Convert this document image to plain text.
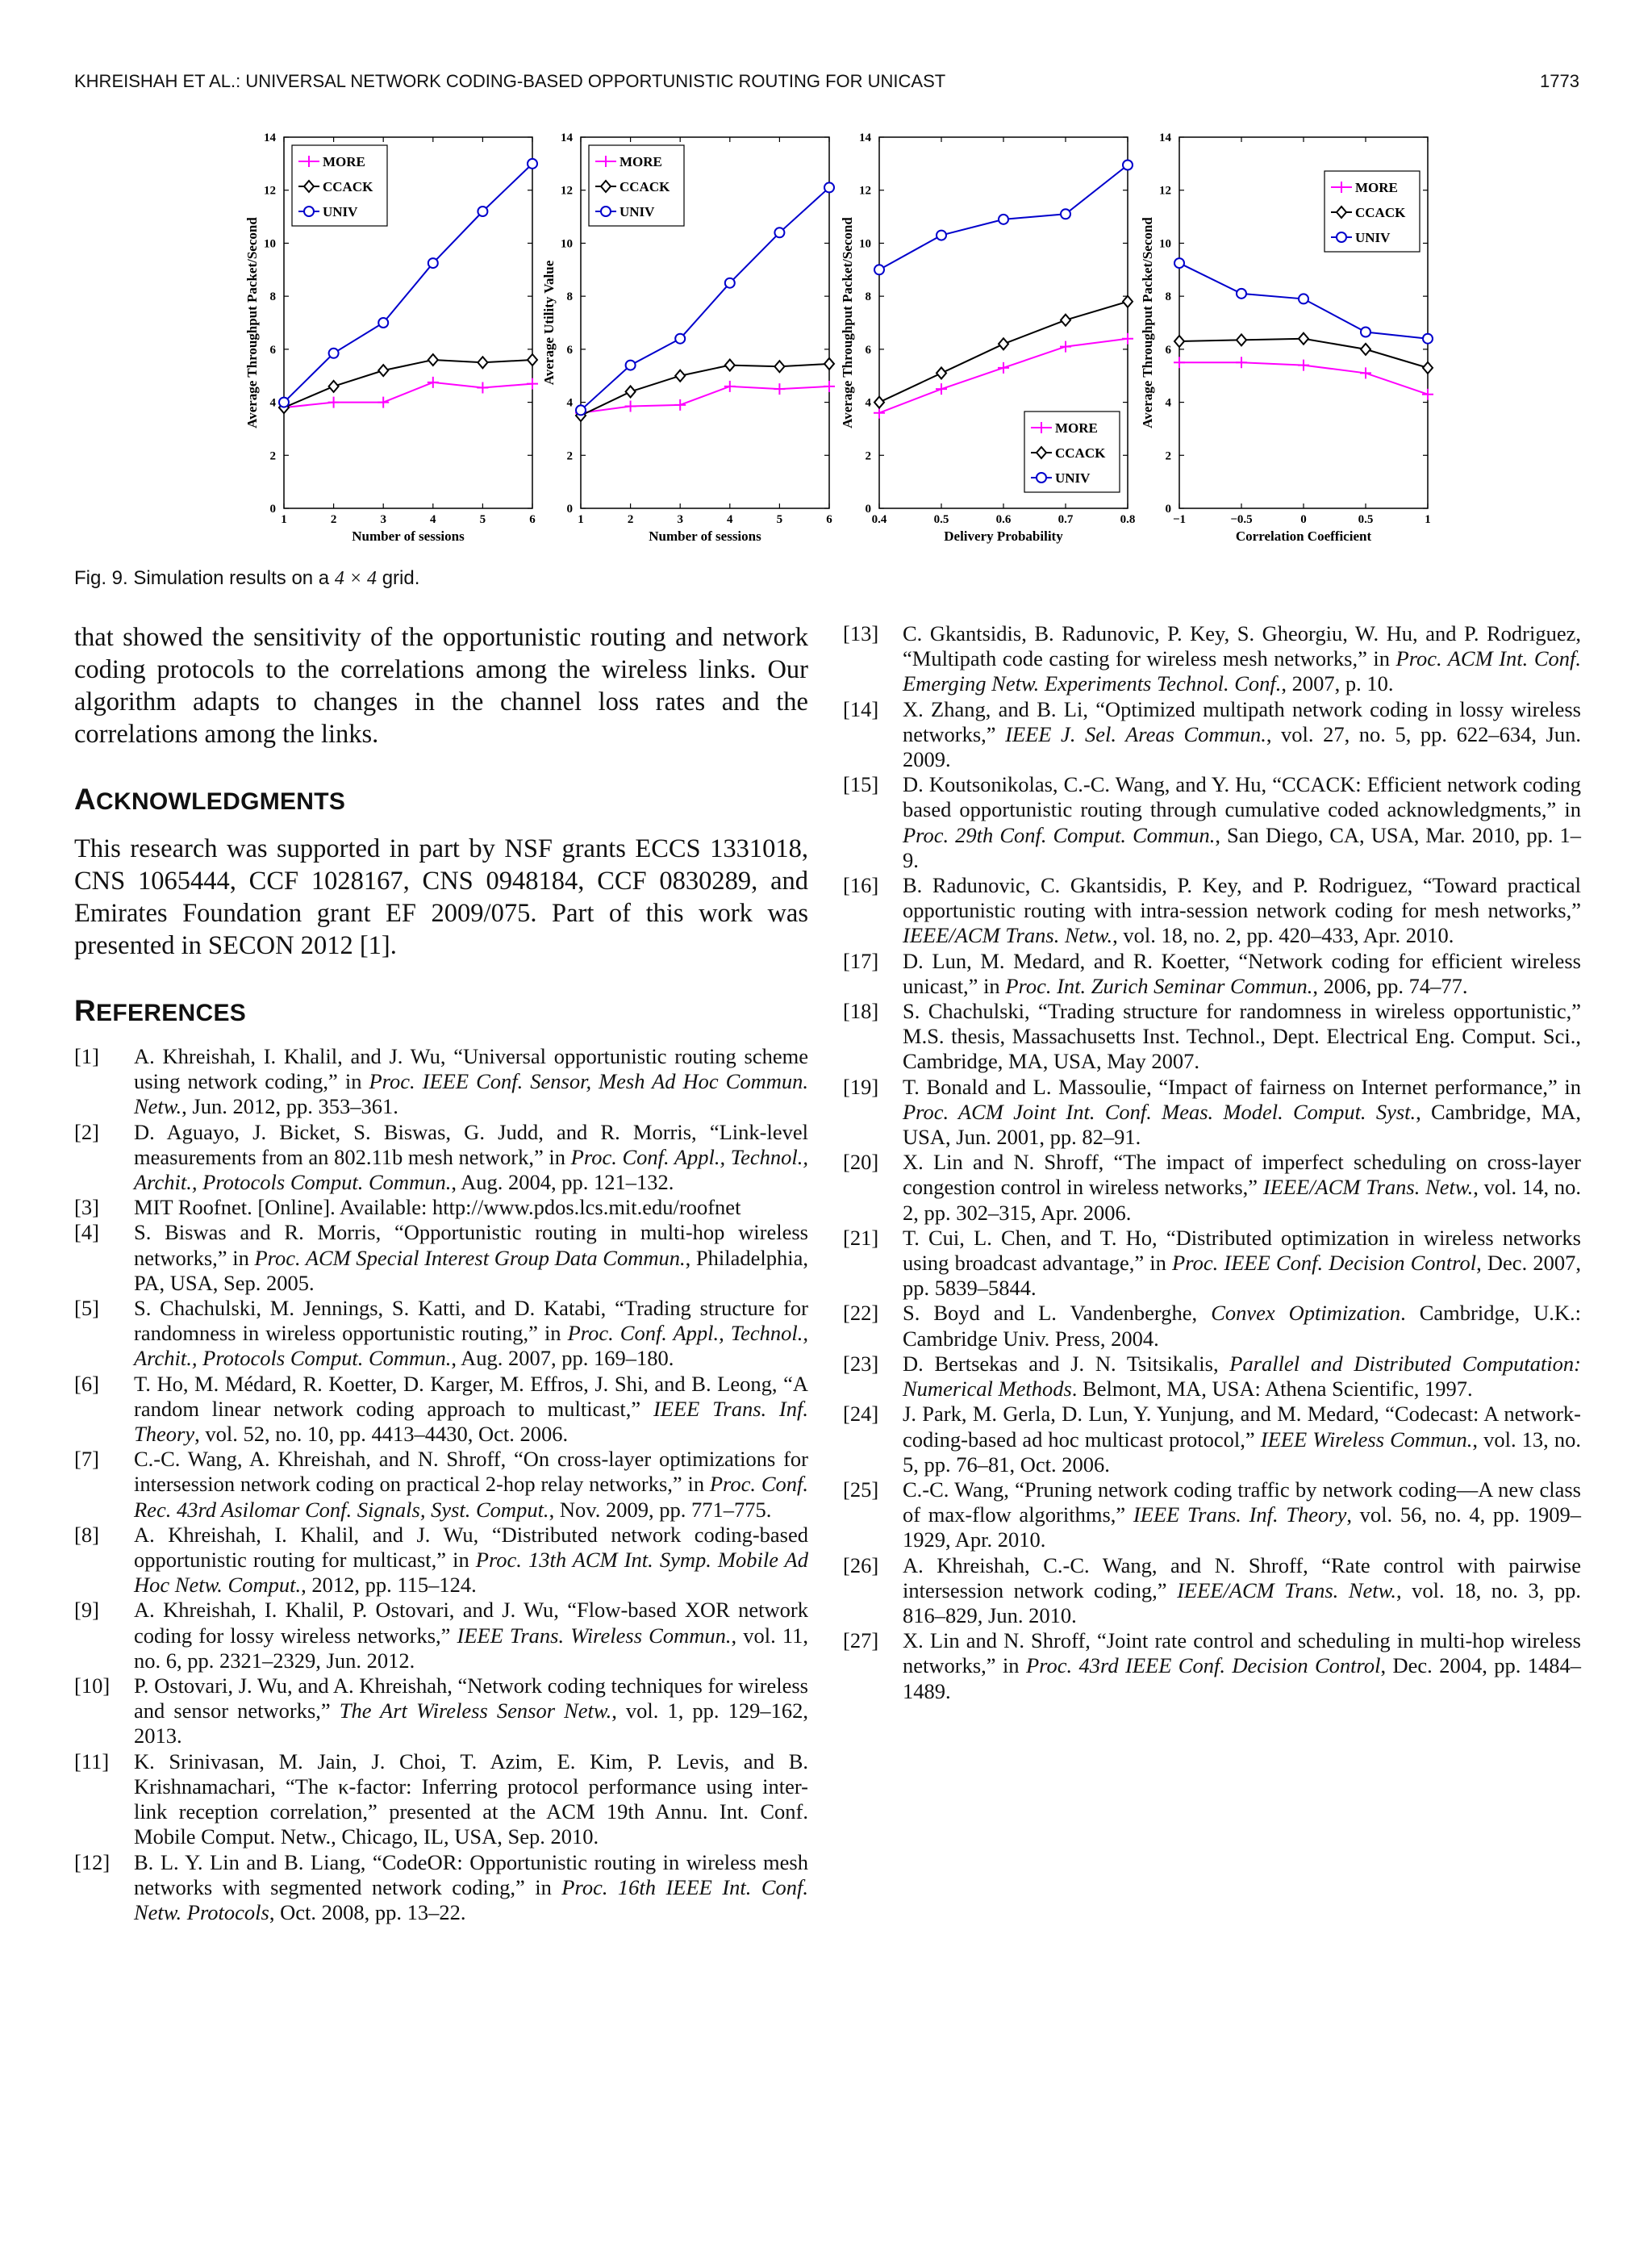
KHREISHAH ET AL.: UNIVERSAL NETWORK CODING-BASED OPPORTUNISTIC ROUTING FOR UNICAST	1773
1	2	3	4	5	6
0
2
4
6
8
10
12
14
Number of sessions
Average Throughput Packet/Second
MORE
CCACK
UNIV
1	2	3	4	5	6
0
2
4
6
8
10
12
14
Number of sessions
Average Utility Value
MORE
CCACK
UNIV
0.4	0.5	0.6	0.7	0.8
0
2
4
6
8
10
12
14
Delivery Probability
Average Throughput Packet/Second	MORE
CCACK
UNIV
−1	−0.5	0	0.5	1
0
2
4
6
8
10
12
14
Correlation Coefficient
Average Throughput Packet/Second
MORE
CCACK
UNIV
Fig. 9. Simulation results on a 4 × 4 grid.

that showed the sensitivity of the opportunistic routing and network coding protocols to the correlations among the wireless links. Our algorithm adapts to changes in the channel loss rates and the correlations among the links.

ACKNOWLEDGMENTS

This research was supported in part by NSF grants ECCS 1331018, CNS 1065444, CCF 1028167, CNS 0948184, CCF 0830289, and Emirates Foundation grant EF 2009/075. Part of this work was presented in SECON 2012 [1].

REFERENCES
[1] A. Khreishah, I. Khalil, and J. Wu, “Universal opportunistic routing scheme using network coding,” in Proc. IEEE Conf. Sensor, Mesh Ad Hoc Commun. Netw., Jun. 2012, pp. 353–361.
[2] D. Aguayo, J. Bicket, S. Biswas, G. Judd, and R. Morris, “Link-level measurements from an 802.11b mesh network,” in Proc. Conf. Appl., Technol., Archit., Protocols Comput. Commun., Aug. 2004, pp. 121–132.
[3] MIT Roofnet. [Online]. Available: http://www.pdos.lcs.mit.edu/roofnet
[4] S. Biswas and R. Morris, “Opportunistic routing in multi-hop wireless networks,” in Proc. ACM Special Interest Group Data Commun., Philadelphia, PA, USA, Sep. 2005.
[5] S. Chachulski, M. Jennings, S. Katti, and D. Katabi, “Trading structure for randomness in wireless opportunistic routing,” in Proc. Conf. Appl., Technol., Archit., Protocols Comput. Commun., Aug. 2007, pp. 169–180.
[6] T. Ho, M. Médard, R. Koetter, D. Karger, M. Effros, J. Shi, and B. Leong, “A random linear network coding approach to multicast,” IEEE Trans. Inf. Theory, vol. 52, no. 10, pp. 4413–4430, Oct. 2006.
[7] C.-C. Wang, A. Khreishah, and N. Shroff, “On cross-layer optimizations for intersession network coding on practical 2-hop relay networks,” in Proc. Conf. Rec. 43rd Asilomar Conf. Signals, Syst. Comput., Nov. 2009, pp. 771–775.
[8] A. Khreishah, I. Khalil, and J. Wu, “Distributed network coding-based opportunistic routing for multicast,” in Proc. 13th ACM Int. Symp. Mobile Ad Hoc Netw. Comput., 2012, pp. 115–124.
[9] A. Khreishah, I. Khalil, P. Ostovari, and J. Wu, “Flow-based XOR network coding for lossy wireless networks,” IEEE Trans. Wireless Commun., vol. 11, no. 6, pp. 2321–2329, Jun. 2012.
[10] P. Ostovari, J. Wu, and A. Khreishah, “Network coding techniques for wireless and sensor networks,” The Art Wireless Sensor Netw., vol. 1, pp. 129–162, 2013.
[11] K. Srinivasan, M. Jain, J. Choi, T. Azim, E. Kim, P. Levis, and B. Krishnamachari, “The κ-factor: Inferring protocol performance using inter-link reception correlation,” presented at the ACM 19th Annu. Int. Conf. Mobile Comput. Netw., Chicago, IL, USA, Sep. 2010.
[12] B. L. Y. Lin and B. Liang, “CodeOR: Opportunistic routing in wireless mesh networks with segmented network coding,” in Proc. 16th IEEE Int. Conf. Netw. Protocols, Oct. 2008, pp. 13–22.
[13] C. Gkantsidis, B. Radunovic, P. Key, S. Gheorgiu, W. Hu, and P. Rodriguez, “Multipath code casting for wireless mesh networks,” in Proc. ACM Int. Conf. Emerging Netw. Experiments Technol. Conf., 2007, p. 10.
[14] X. Zhang, and B. Li, “Optimized multipath network coding in lossy wireless networks,” IEEE J. Sel. Areas Commun., vol. 27, no. 5, pp. 622–634, Jun. 2009.
[15] D. Koutsonikolas, C.-C. Wang, and Y. Hu, “CCACK: Efficient network coding based opportunistic routing through cumulative coded acknowledgments,” in Proc. 29th Conf. Comput. Commun., San Diego, CA, USA, Mar. 2010, pp. 1–9.
[16] B. Radunovic, C. Gkantsidis, P. Key, and P. Rodriguez, “Toward practical opportunistic routing with intra-session network coding for mesh networks,” IEEE/ACM Trans. Netw., vol. 18, no. 2, pp. 420–433, Apr. 2010.
[17] D. Lun, M. Medard, and R. Koetter, “Network coding for efficient wireless unicast,” in Proc. Int. Zurich Seminar Commun., 2006, pp. 74–77.
[18] S. Chachulski, “Trading structure for randomness in wireless opportunistic,” M.S. thesis, Massachusetts Inst. Technol., Dept. Electrical Eng. Comput. Sci., Cambridge, MA, USA, May 2007.
[19] T. Bonald and L. Massoulie, “Impact of fairness on Internet performance,” in Proc. ACM Joint Int. Conf. Meas. Model. Comput. Syst., Cambridge, MA, USA, Jun. 2001, pp. 82–91.
[20] X. Lin and N. Shroff, “The impact of imperfect scheduling on cross-layer congestion control in wireless networks,” IEEE/ACM Trans. Netw., vol. 14, no. 2, pp. 302–315, Apr. 2006.
[21] T. Cui, L. Chen, and T. Ho, “Distributed optimization in wireless networks using broadcast advantage,” in Proc. IEEE Conf. Decision Control, Dec. 2007, pp. 5839–5844.
[22] S. Boyd and L. Vandenberghe, Convex Optimization. Cambridge, U.K.: Cambridge Univ. Press, 2004.
[23] D. Bertsekas and J. N. Tsitsikalis, Parallel and Distributed Computation: Numerical Methods. Belmont, MA, USA: Athena Scientific, 1997.
[24] J. Park, M. Gerla, D. Lun, Y. Yunjung, and M. Medard, “Codecast: A network-coding-based ad hoc multicast protocol,” IEEE Wireless Commun., vol. 13, no. 5, pp. 76–81, Oct. 2006.
[25] C.-C. Wang, “Pruning network coding traffic by network coding—A new class of max-flow algorithms,” IEEE Trans. Inf. Theory, vol. 56, no. 4, pp. 1909–1929, Apr. 2010.
[26] A. Khreishah, C.-C. Wang, and N. Shroff, “Rate control with pairwise intersession network coding,” IEEE/ACM Trans. Netw., vol. 18, no. 3, pp. 816–829, Jun. 2010.
[27] X. Lin and N. Shroff, “Joint rate control and scheduling in multi-hop wireless networks,” in Proc. 43rd IEEE Conf. Decision Control, Dec. 2004, pp. 1484–1489.
